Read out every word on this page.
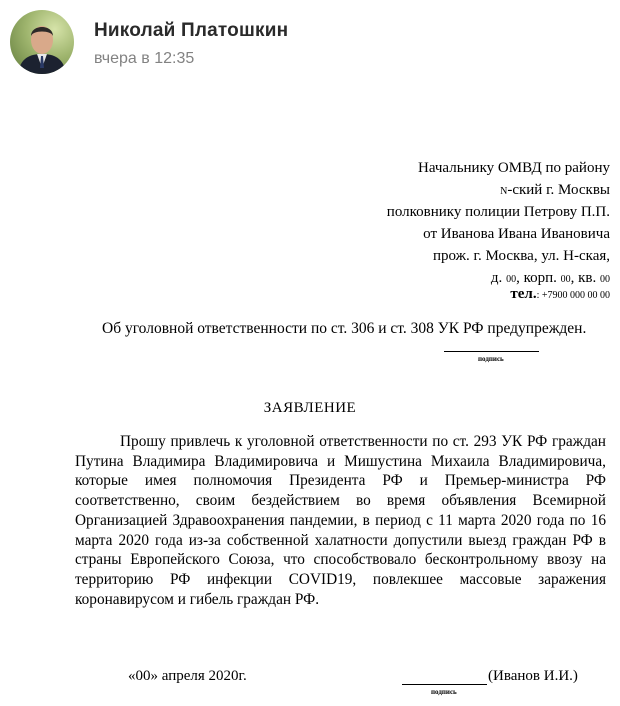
Николай Платошкин
вчера в 12:35
Начальнику ОМВД по району
N-ский г. Москвы
полковнику полиции Петрову П.П.
от Иванова Ивана Ивановича
прож. г. Москва, ул. Н-ская,
д. 00, корп. 00, кв. 00
тел.: +7900 000 00 00
Об уголовной ответственности по ст. 306 и ст. 308 УК РФ предупрежден.
подпись
ЗАЯВЛЕНИЕ
Прошу привлечь к уголовной ответственности по ст. 293 УК РФ граждан Путина Владимира Владимировича и Мишустина Михаила Владимировича, которые имея полномочия Президента РФ и Премьер-министра РФ соответственно, своим бездействием во время объявления Всемирной Организацией Здравоохранения пандемии, в период с 11 марта 2020 года по 16 марта 2020 года из-за собственной халатности допустили выезд граждан РФ в страны Европейского Союза, что способствовало бесконтрольному ввозу на территорию РФ инфекции COVID19, повлекшее массовые заражения коронавирусом и гибель граждан РФ.
«00» апреля 2020г.	(Иванов И.И.)
подпись
